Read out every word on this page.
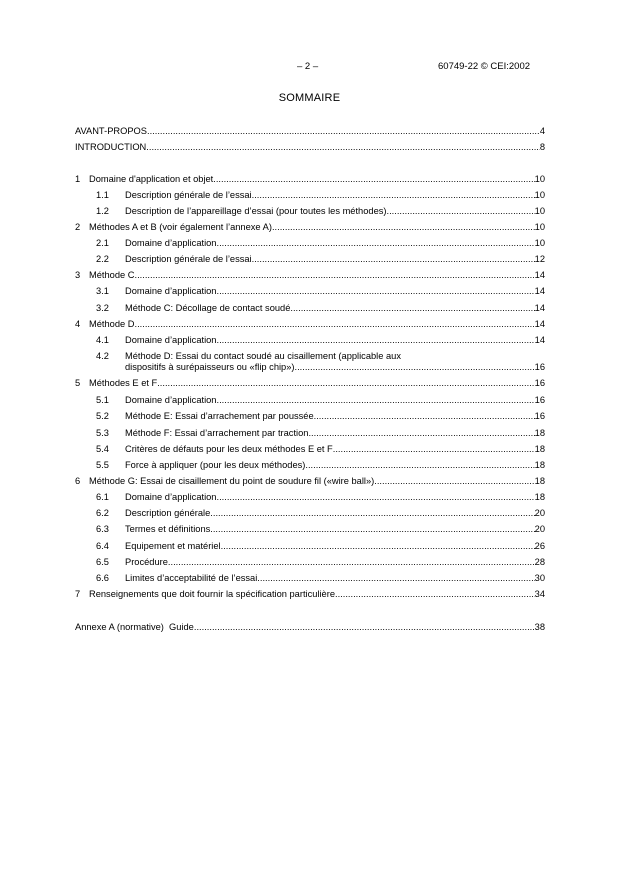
– 2 –	60749-22 © CEI:2002
SOMMAIRE
AVANT-PROPOS .....	4
INTRODUCTION .....	8
1 Domaine d'application et objet .....	10
1.1 Description générale de l’essai .....	10
1.2 Description de l’appareillage d’essai (pour toutes les méthodes) .....	10
2 Méthodes A et B (voir également l’annexe A) .....	10
2.1 Domaine d’application .....	10
2.2 Description générale de l’essai .....	12
3 Méthode C .....	14
3.1 Domaine d’application .....	14
3.2 Méthode C: Décollage de contact soudé .....	14
4 Méthode D .....	14
4.1 Domaine d’application .....	14
4.2 Méthode D: Essai du contact soudé au cisaillement (applicable aux
dispositifs à surépaisseurs ou «flip chip») .....	16
5 Méthodes E et F .....	16
5.1 Domaine d’application .....	16
5.2 Méthode E: Essai d’arrachement par poussée .....	16
5.3 Méthode F: Essai d’arrachement par traction .....	18
5.4 Critères de défauts pour les deux méthodes E et F .....	18
5.5 Force à appliquer (pour les deux méthodes) .....	18
6 Méthode G: Essai de cisaillement du point de soudure fil («wire ball») .....	18
6.1 Domaine d’application .....	18
6.2 Description générale .....	20
6.3 Termes et définitions .....	20
6.4 Equipement et matériel .....	26
6.5 Procédure .....	28
6.6 Limites d’acceptabilité de l’essai .....	30
7 Renseignements que doit fournir la spécification particulière .....	34
Annexe A (normative)  Guide .....	38
